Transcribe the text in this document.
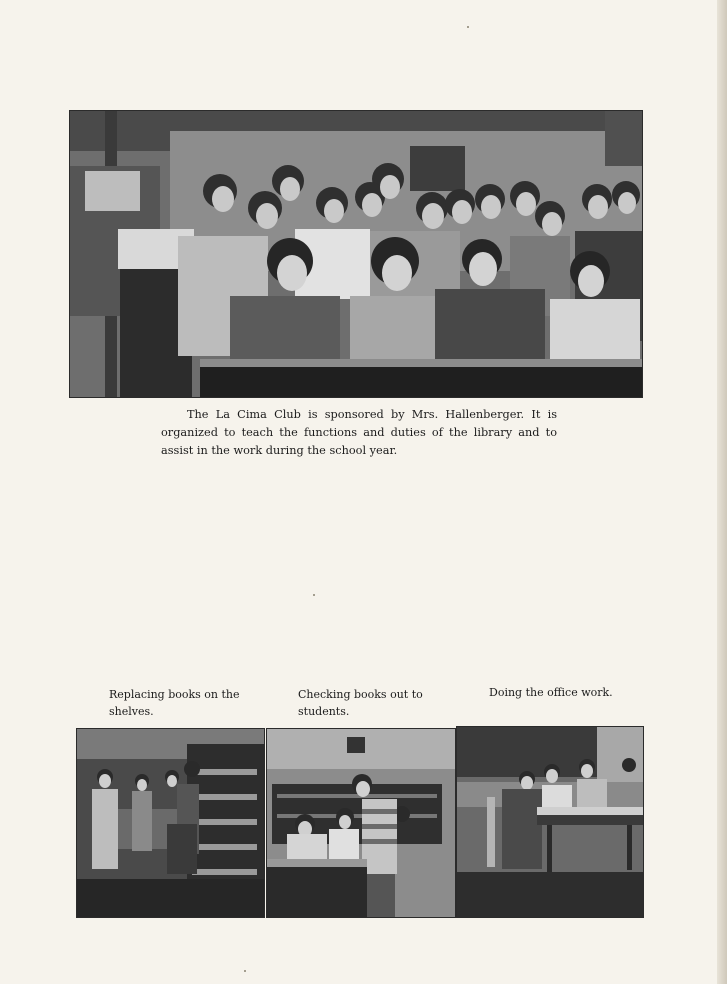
The La Cima Club is sponsored by Mrs. Hallenberger. It is organized to teach the functions and duties of the library and to assist in the work during the school year.

Replacing books on the shelves.

Checking books out to students.

Doing the office work.
